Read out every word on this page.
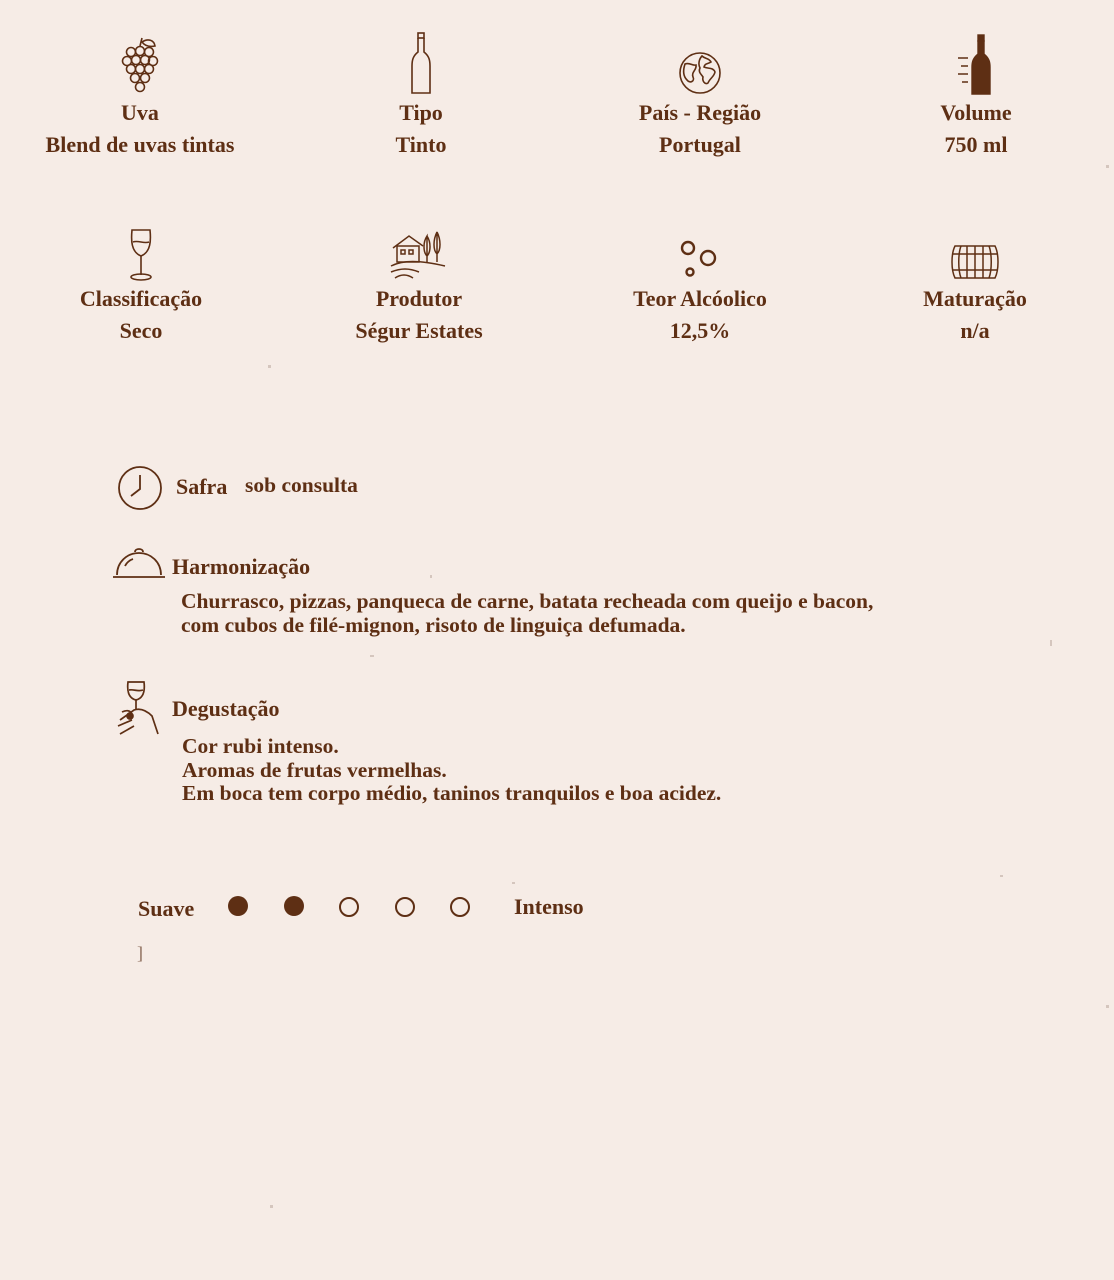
Uva
Blend de uvas tintas
Tipo
Tinto
País - Região
Portugal
Volume
750 ml
Classificação
Seco
Produtor
Ségur Estates
Teor Alcóolico
12,5%
Maturação
n/a
Safra sob consulta
Harmonização
Churrasco, pizzas, panqueca de carne, batata recheada com queijo e bacon,
com cubos de filé-mignon, risoto de linguiça defumada.
Degustação
Cor rubi intenso.
Aromas de frutas vermelhas.
Em boca tem corpo médio, taninos tranquilos e boa acidez.
Suave	Intenso
]
